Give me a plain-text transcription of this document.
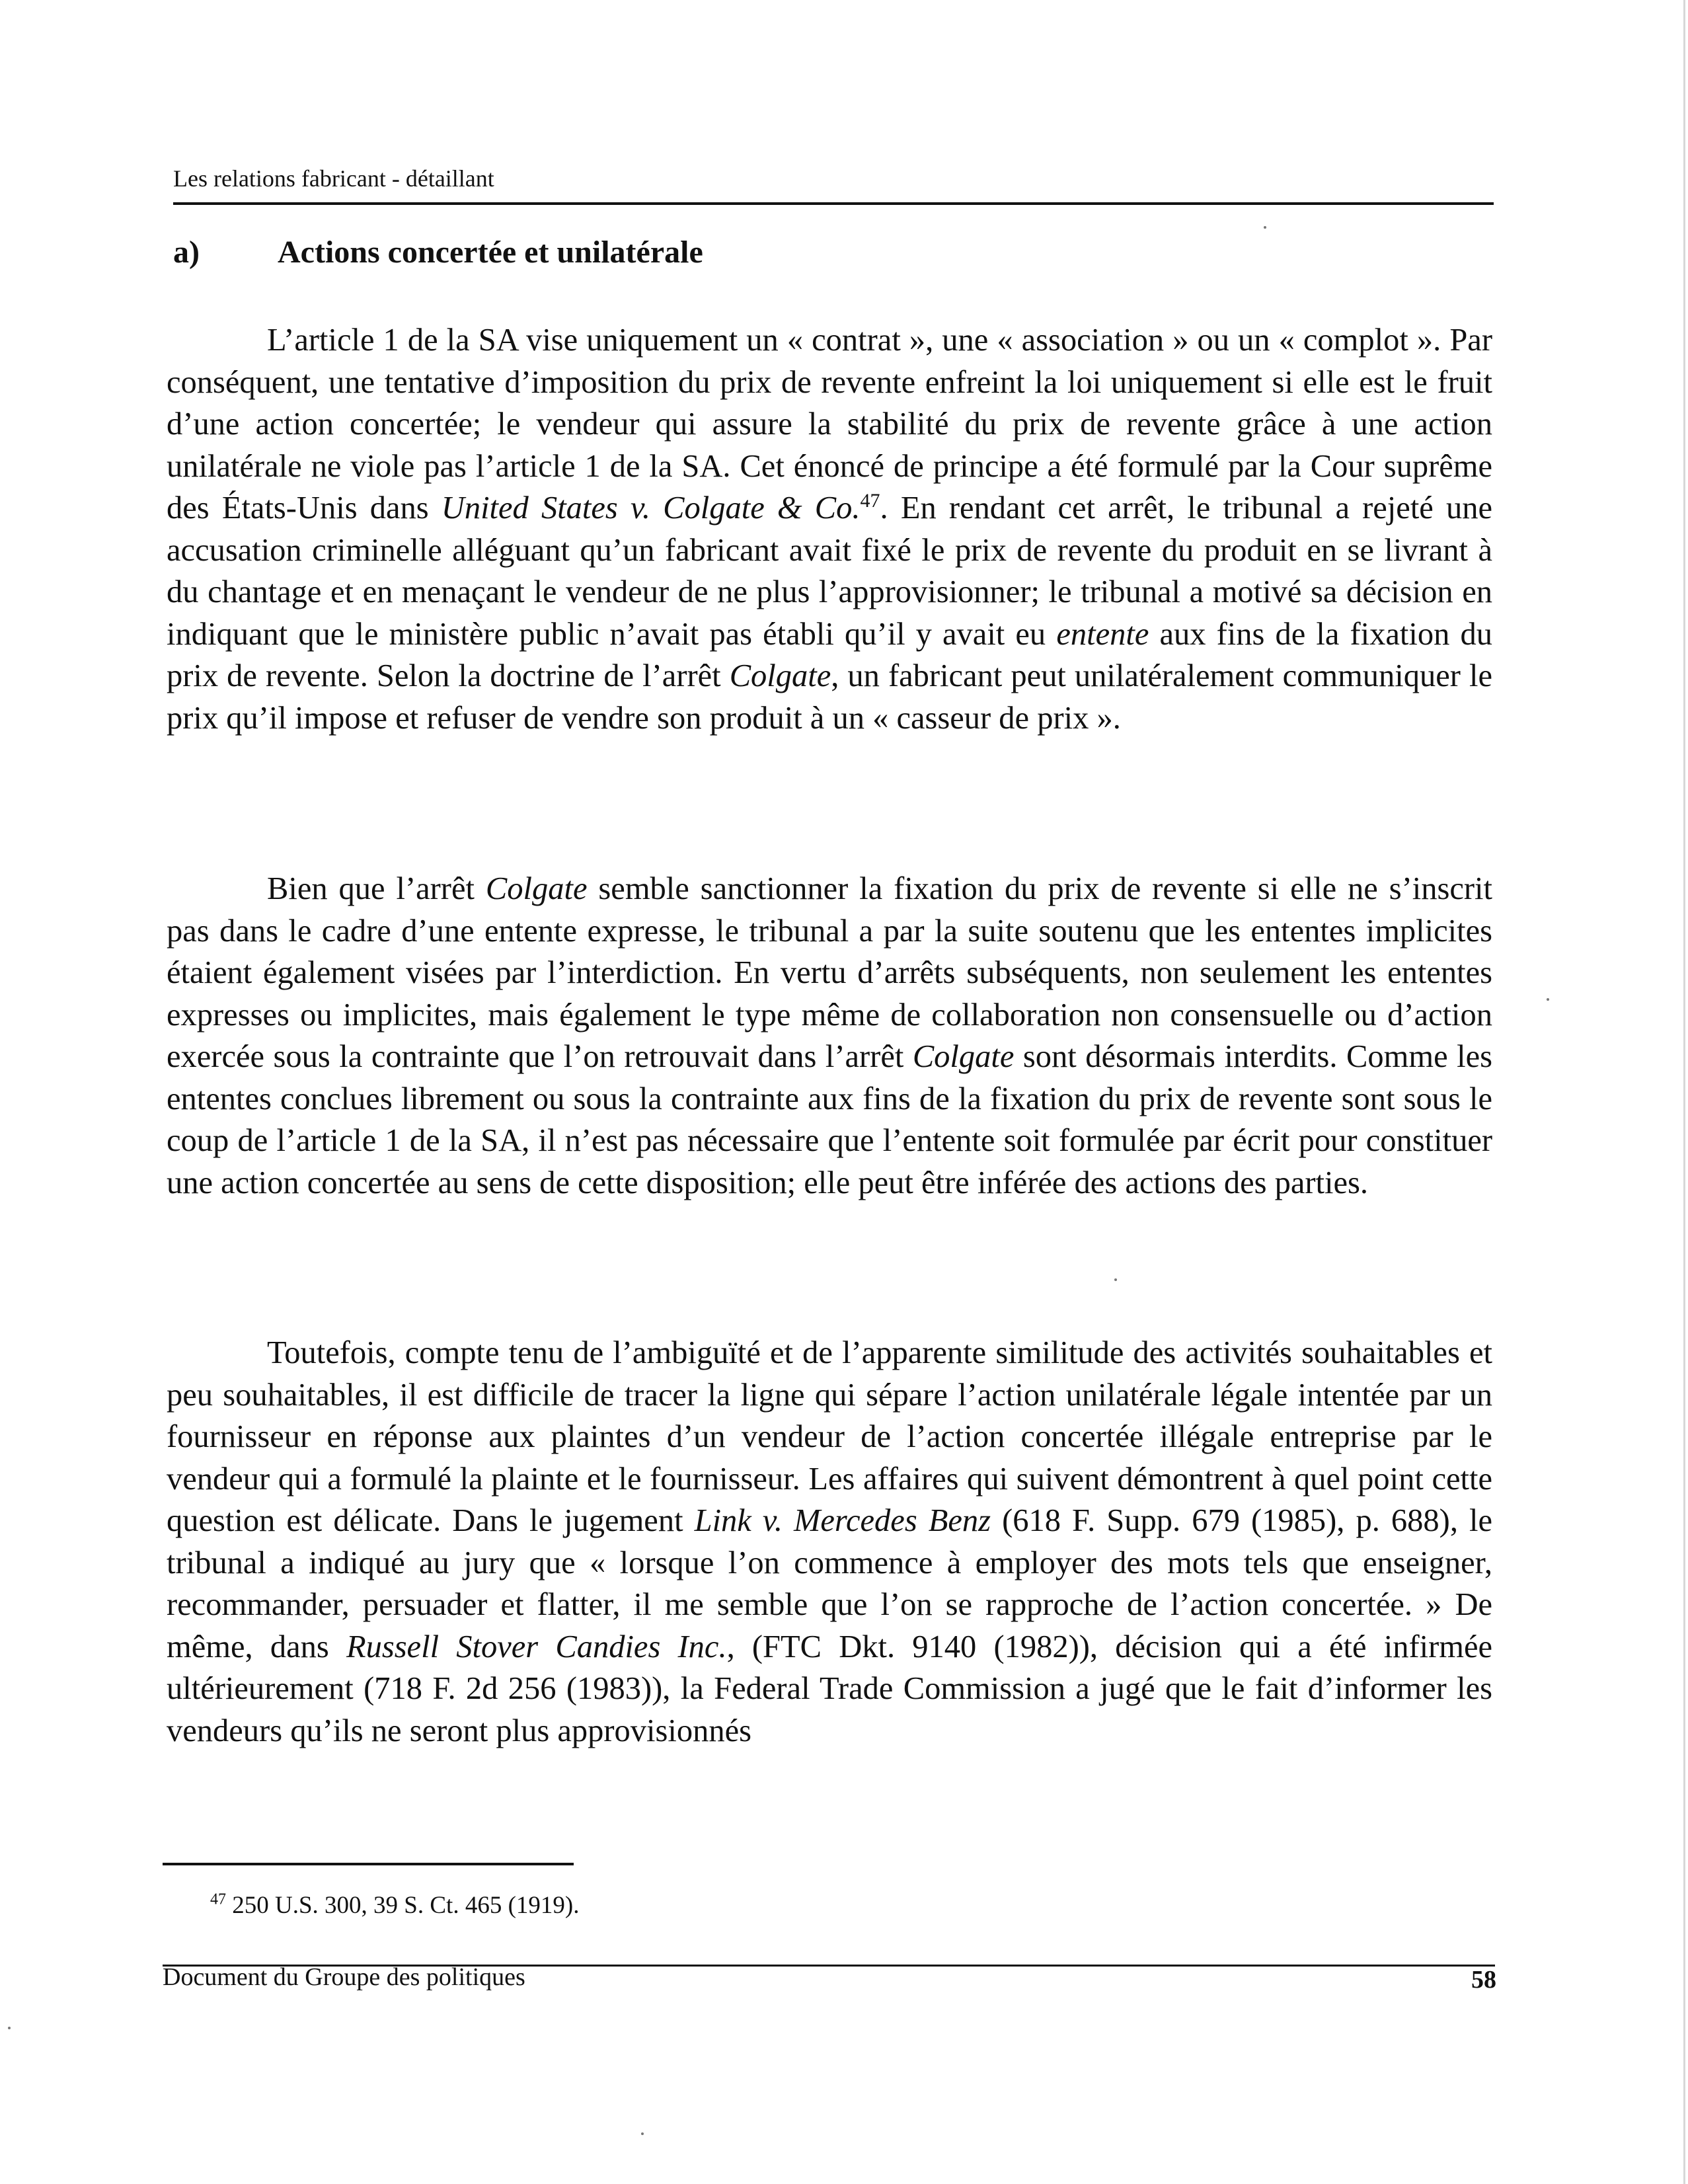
Les relations fabricant - détaillant
a) Actions concertée et unilatérale

L’article 1 de la SA vise uniquement un « contrat », une « association » ou un « complot ». Par conséquent, une tentative d’imposition du prix de revente enfreint la loi uniquement si elle est le fruit d’une action concertée; le vendeur qui assure la stabilité du prix de revente grâce à une action unilatérale ne viole pas l’article 1 de la SA. Cet énoncé de principe a été formulé par la Cour suprême des États-Unis dans United States v. Colgate & Co.$^{47}$. En rendant cet arrêt, le tribunal a rejeté une accusation criminelle alléguant qu’un fabricant avait fixé le prix de revente du produit en se livrant à du chantage et en menaçant le vendeur de ne plus l’approvisionner; le tribunal a motivé sa décision en indiquant que le ministère public n’avait pas établi qu’il y avait eu entente aux fins de la fixation du prix de revente. Selon la doctrine de l’arrêt Colgate, un fabricant peut unilatéralement communiquer le prix qu’il impose et refuser de vendre son produit à un « casseur de prix ».

Bien que l’arrêt Colgate semble sanctionner la fixation du prix de revente si elle ne s’inscrit pas dans le cadre d’une entente expresse, le tribunal a par la suite soutenu que les ententes implicites étaient également visées par l’interdiction. En vertu d’arrêts subséquents, non seulement les ententes expresses ou implicites, mais également le type même de collaboration non consensuelle ou d’action exercée sous la contrainte que l’on retrouvait dans l’arrêt Colgate sont désormais interdits. Comme les ententes conclues librement ou sous la contrainte aux fins de la fixation du prix de revente sont sous le coup de l’article 1 de la SA, il n’est pas nécessaire que l’entente soit formulée par écrit pour constituer une action concertée au sens de cette disposition; elle peut être inférée des actions des parties.

Toutefois, compte tenu de l’ambiguïté et de l’apparente similitude des activités souhaitables et peu souhaitables, il est difficile de tracer la ligne qui sépare l’action unilatérale légale intentée par un fournisseur en réponse aux plaintes d’un vendeur de l’action concertée illégale entreprise par le vendeur qui a formulé la plainte et le fournisseur. Les affaires qui suivent démontrent à quel point cette question est délicate. Dans le jugement Link v. Mercedes Benz (618 F. Supp. 679 (1985), p. 688), le tribunal a indiqué au jury que « lorsque l’on commence à employer des mots tels que enseigner, recommander, persuader et flatter, il me semble que l’on se rapproche de l’action concertée. » De même, dans Russell Stover Candies Inc., (FTC Dkt. 9140 (1982)), décision qui a été infirmée ultérieurement (718 F. 2d 256 (1983)), la Federal Trade Commission a jugé que le fait d’informer les vendeurs qu’ils ne seront plus approvisionnés

$^{47}$ 250 U.S. 300, 39 S. Ct. 465 (1919).
Document du Groupe des politiques	58
